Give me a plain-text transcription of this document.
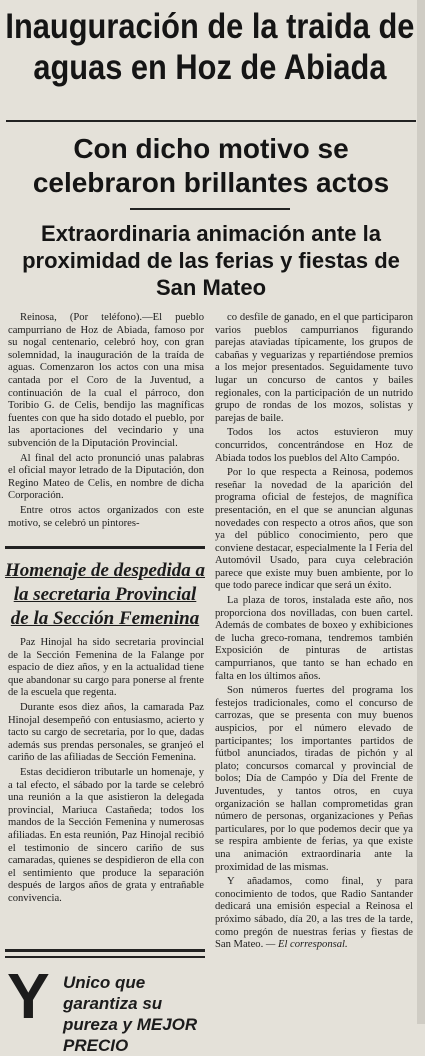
Inauguración de la traida de aguas en Hoz de Abiada
Con dicho motivo se celebraron brillantes actos
Extraordinaria animación ante la proximidad de las ferias y fiestas de San Mateo

Reinosa, (Por teléfono).—El pueblo campurriano de Hoz de Abiada, famoso por su nogal centenario, celebró hoy, con gran solemnidad, la inauguración de la traída de aguas. Comenzaron los actos con una misa cantada por el Coro de la Juventud, a continuación de la cual el párroco, don Toribio G. de Celis, bendijo las magníficas fuentes con que ha sido dotado el pueblo, por las aportaciones del vecindario y una subvención de la Diputación Provincial.

Al final del acto pronunció unas palabras el oficial mayor letrado de la Diputación, don Regino Mateo de Celis, en nombre de dicha Corporación.

Entre otros actos organizados con este motivo, se celebró un pintores-

Homenaje de despedida a la secretaria Provincial de la Sección Femenina

Paz Hinojal ha sido secretaria provincial de la Sección Femenina de la Falange por espacio de diez años, y en la actualidad tiene que abandonar su cargo para ponerse al frente de la escuela que regenta.

Durante esos diez años, la camarada Paz Hinojal desempeñó con entusiasmo, acierto y tacto su cargo de secretaria, por lo que, dadas además sus prendas personales, se granjeó el cariño de las afiliadas de Sección Femenina.

Estas decidieron tributarle un homenaje, y a tal efecto, el sábado por la tarde se celebró una reunión a la que asistieron la delegada provincial, Mariuca Castañeda; todos los mandos de la Sección Femenina y numerosas afiliadas. En esta reunión, Paz Hinojal recibió el testimonio de sincero cariño de sus camaradas, quienes se despidieron de ella con el sentimiento que produce la separación después de largos años de grata y entrañable convivencia.

co desfile de ganado, en el que participaron varios pueblos campurrianos figurando parejas ataviadas típicamente, los grupos de cabañas y veguarizas y repartiéndose premios a los mejor presentados. Seguidamente tuvo lugar un concurso de cantos y bailes regionales, con la participación de un nutrido grupo de rondas de los mozos, solistas y parejas de baile.

Todos los actos estuvieron muy concurridos, concentrándose en Hoz de Abiada todos los pueblos del Alto Campóo.

Por lo que respecta a Reinosa, podemos reseñar la novedad de la aparición del programa oficial de festejos, de magnífica presentación, en el que se anuncian algunas novedades con respecto a otros años, que son ya del público conocimiento, pero que conviene destacar, especialmente la I Feria del Automóvil Usado, para cuya celebración parece que existe muy buen ambiente, por lo que todo parece indicar que será un éxito.

La plaza de toros, instalada este año, nos proporciona dos novilladas, con buen cartel. Además de combates de boxeo y exhibiciones de lucha greco-romana, tendremos también Exposición de pinturas de artistas campurrianos, que tanto se han echado en falta en los últimos años.

Son números fuertes del programa los festejos tradicionales, como el concurso de carrozas, que se presenta con muy buenos auspicios, por el número elevado de participantes; los importantes partidos de fútbol anunciados, tiradas de pichón y al plato; concursos comarcal y provincial de bolos; Día de Campóo y Día del Frente de Juventudes, y tantos otros, en cuya organización se hallan comprometidas gran número de personas, organizaciones y Peñas particulares, por lo que podemos decir que ya se respira ambiente de ferias, ya que existe una animación extraordinaria ante la proximidad de las mismas.

Y añadamos, como final, y para conocimiento de todos, que Radio Santander dedicará una emisión especial a Reinosa el próximo sábado, día 20, a las tres de la tarde, como pregón de nuestras ferias y fiestas de San Mateo. — El corresponsal.

Y Unico que garantiza su pureza y MEJOR PRECIO
